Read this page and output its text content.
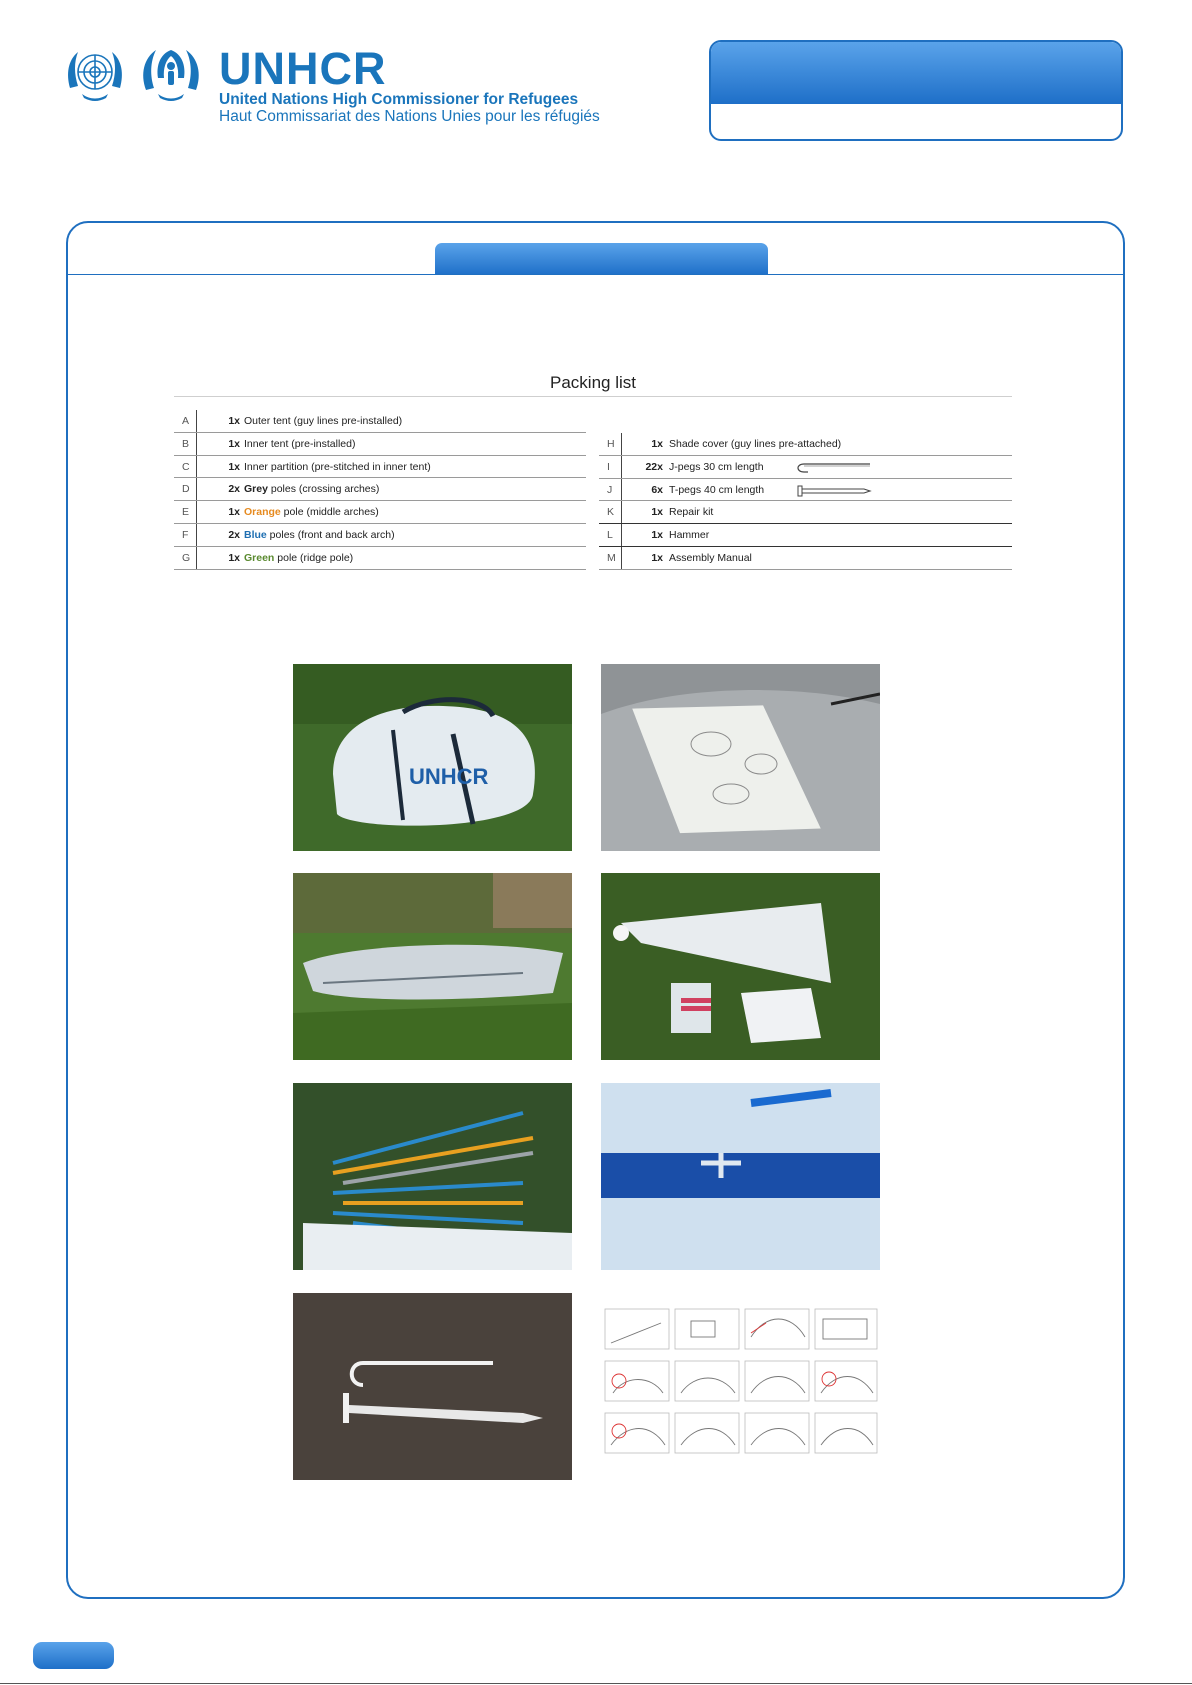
UNHCR
United Nations High Commissioner for Refugees
Haut Commissariat des Nations Unies pour les réfugiés
Packing list
A	1x Outer tent (guy lines pre-installed)
B	1x Inner tent (pre-installed)
C	1x Inner partition (pre-stitched in inner tent)
D	2x Grey poles (crossing arches)
E	1x Orange pole (middle arches)
F	2x Blue poles (front and back arch)
G	1x Green pole (ridge pole)
H	1x Shade cover (guy lines pre-attached)
I	22x J-pegs 30 cm length
J	6x T-pegs 40 cm length
K	1x Repair kit
L	1x Hammer
M	1x Assembly Manual
UNHCR
